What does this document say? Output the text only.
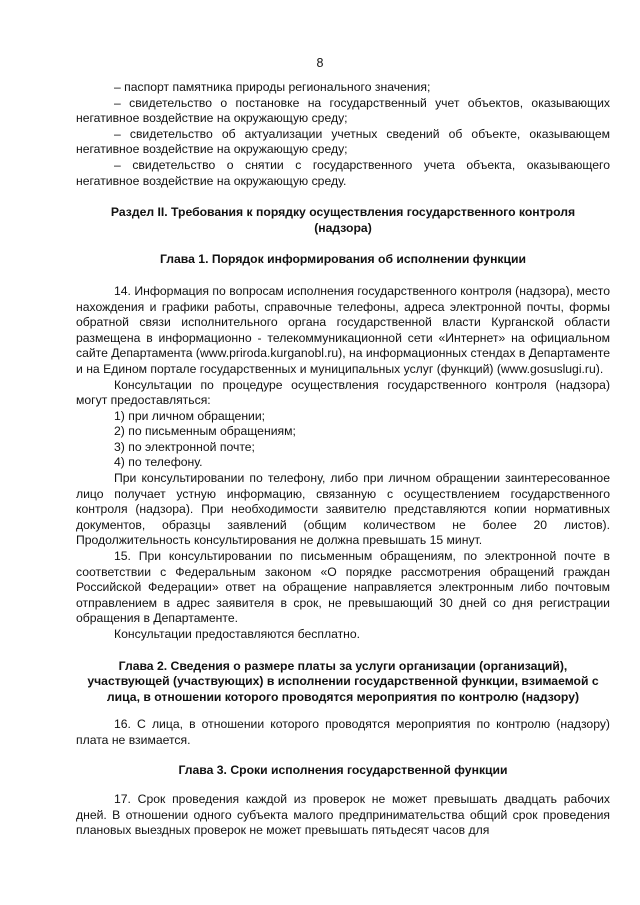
8

– паспорт памятника природы регионального значения;

– свидетельство о постановке на государственный учет объектов, оказывающих негативное воздействие на окружающую среду;

– свидетельство об актуализации учетных сведений об объекте, оказывающем негативное воздействие на окружающую среду;

– свидетельство о снятии с государственного учета объекта, оказывающего негативное воздействие на окружающую среду.

Раздел II. Требования к порядку осуществления государственного контроля (надзора)

Глава 1. Порядок информирования об исполнении функции

14. Информация по вопросам исполнения государственного контроля (надзора), место нахождения и графики работы, справочные телефоны, адреса электронной почты, формы обратной связи исполнительного органа государственной власти Курганской области размещена в информационно - телекоммуникационной сети «Интернет» на официальном сайте Департамента (www.priroda.kurganobl.ru), на информационных стендах в Департаменте и на Едином портале государственных и муниципальных услуг (функций) (www.gosuslugi.ru).

Консультации по процедуре осуществления государственного контроля (надзора) могут предоставляться:

1) при личном обращении;

2) по письменным обращениям;

3) по электронной почте;

4) по телефону.

При консультировании по телефону, либо при личном обращении заинтересованное лицо получает устную информацию, связанную с осуществлением государственного контроля (надзора). При необходимости заявителю представляются копии нормативных документов, образцы заявлений (общим количеством не более 20 листов). Продолжительность консультирования не должна превышать 15 минут.

15. При консультировании по письменным обращениям, по электронной почте в соответствии с Федеральным законом «О порядке рассмотрения обращений граждан Российской Федерации» ответ на обращение направляется электронным либо почтовым отправлением в адрес заявителя в срок, не превышающий 30 дней со дня регистрации обращения в Департаменте.

Консультации предоставляются бесплатно.

Глава 2. Сведения о размере платы за услуги организации (организаций), участвующей (участвующих) в исполнении государственной функции, взимаемой с лица, в отношении которого проводятся мероприятия по контролю (надзору)

16. С лица, в отношении которого проводятся мероприятия по контролю (надзору) плата не взимается.

Глава 3. Сроки исполнения государственной функции

17. Срок проведения каждой из проверок не может превышать двадцать рабочих дней. В отношении одного субъекта малого предпринимательства общий срок проведения плановых выездных проверок не может превышать пятьдесят часов для
